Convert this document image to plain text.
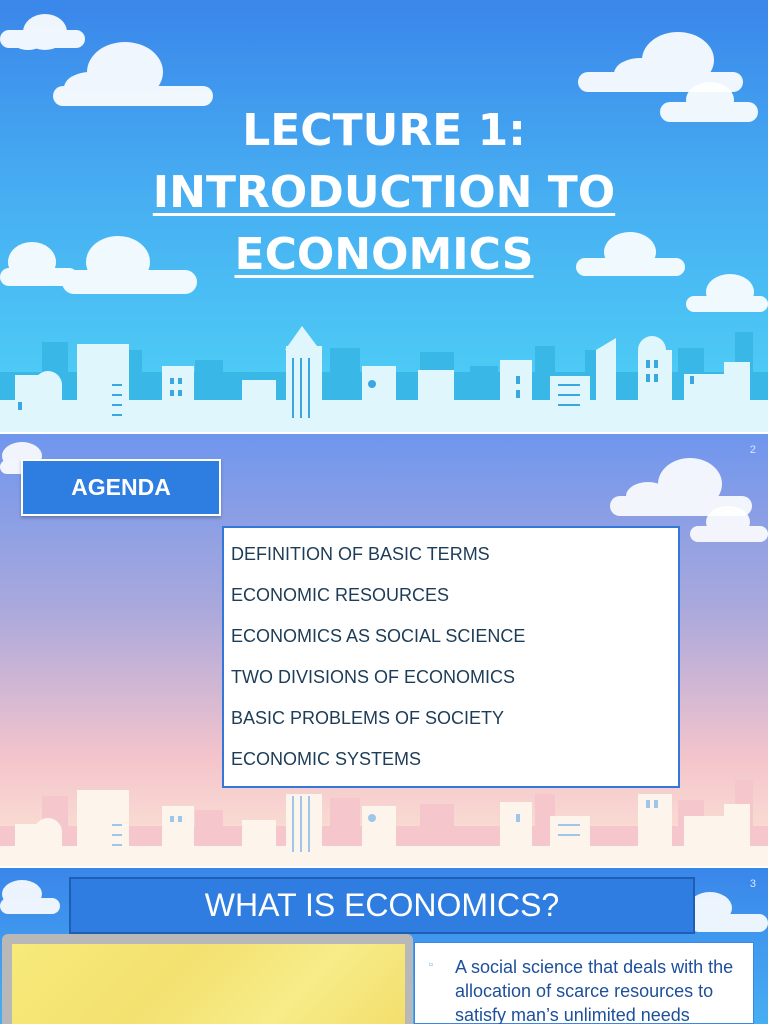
LECTURE 1:
INTRODUCTION TO
ECONOMICS
2
AGENDA
DEFINITION OF BASIC TERMS
ECONOMIC RESOURCES
ECONOMICS AS SOCIAL SCIENCE
TWO DIVISIONS OF ECONOMICS
BASIC PROBLEMS OF SOCIETY
ECONOMIC SYSTEMS
3
WHAT IS ECONOMICS?
▫ A social science that deals with the allocation of scarce resources to satisfy man’s unlimited needs
